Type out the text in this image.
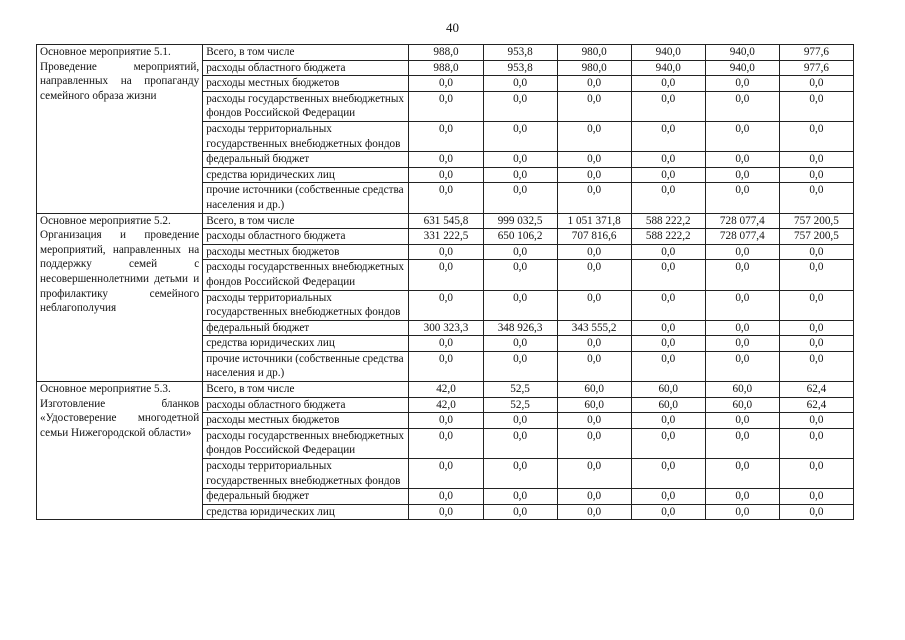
40
Основное мероприятие 5.1.
Проведение мероприятий, направленных на пропаганду семейного образа жизни	Всего, в том числе	988,0	953,8	980,0	940,0	940,0	977,6
	расходы областного бюджета	988,0	953,8	980,0	940,0	940,0	977,6
	расходы местных бюджетов	0,0	0,0	0,0	0,0	0,0	0,0
	расходы государственных внебюджетных фондов Российской Федерации	0,0	0,0	0,0	0,0	0,0	0,0
	расходы территориальных государственных внебюджетных фондов	0,0	0,0	0,0	0,0	0,0	0,0
	федеральный бюджет	0,0	0,0	0,0	0,0	0,0	0,0
	средства юридических лиц	0,0	0,0	0,0	0,0	0,0	0,0
	прочие источники (собственные средства населения и др.)	0,0	0,0	0,0	0,0	0,0	0,0

Основное мероприятие 5.2.
Организация и проведение мероприятий, направленных на поддержку семей с несовершеннолетними детьми и профилактику семейного неблагополучия	Всего, в том числе	631 545,8	999 032,5	1 051 371,8	588 222,2	728 077,4	757 200,5
	расходы областного бюджета	331 222,5	650 106,2	707 816,6	588 222,2	728 077,4	757 200,5
	расходы местных бюджетов	0,0	0,0	0,0	0,0	0,0	0,0
	расходы государственных внебюджетных фондов Российской Федерации	0,0	0,0	0,0	0,0	0,0	0,0
	расходы территориальных государственных внебюджетных фондов	0,0	0,0	0,0	0,0	0,0	0,0
	федеральный бюджет	300 323,3	348 926,3	343 555,2	0,0	0,0	0,0
	средства юридических лиц	0,0	0,0	0,0	0,0	0,0	0,0
	прочие источники (собственные средства населения и др.)	0,0	0,0	0,0	0,0	0,0	0,0

Основное мероприятие 5.3.
Изготовление бланков «Удостоверение многодетной семьи Нижегородской области»	Всего, в том числе	42,0	52,5	60,0	60,0	60,0	62,4
	расходы областного бюджета	42,0	52,5	60,0	60,0	60,0	62,4
	расходы местных бюджетов	0,0	0,0	0,0	0,0	0,0	0,0
	расходы государственных внебюджетных фондов Российской Федерации	0,0	0,0	0,0	0,0	0,0	0,0
	расходы территориальных государственных внебюджетных фондов	0,0	0,0	0,0	0,0	0,0	0,0
	федеральный бюджет	0,0	0,0	0,0	0,0	0,0	0,0
	средства юридических лиц	0,0	0,0	0,0	0,0	0,0	0,0
